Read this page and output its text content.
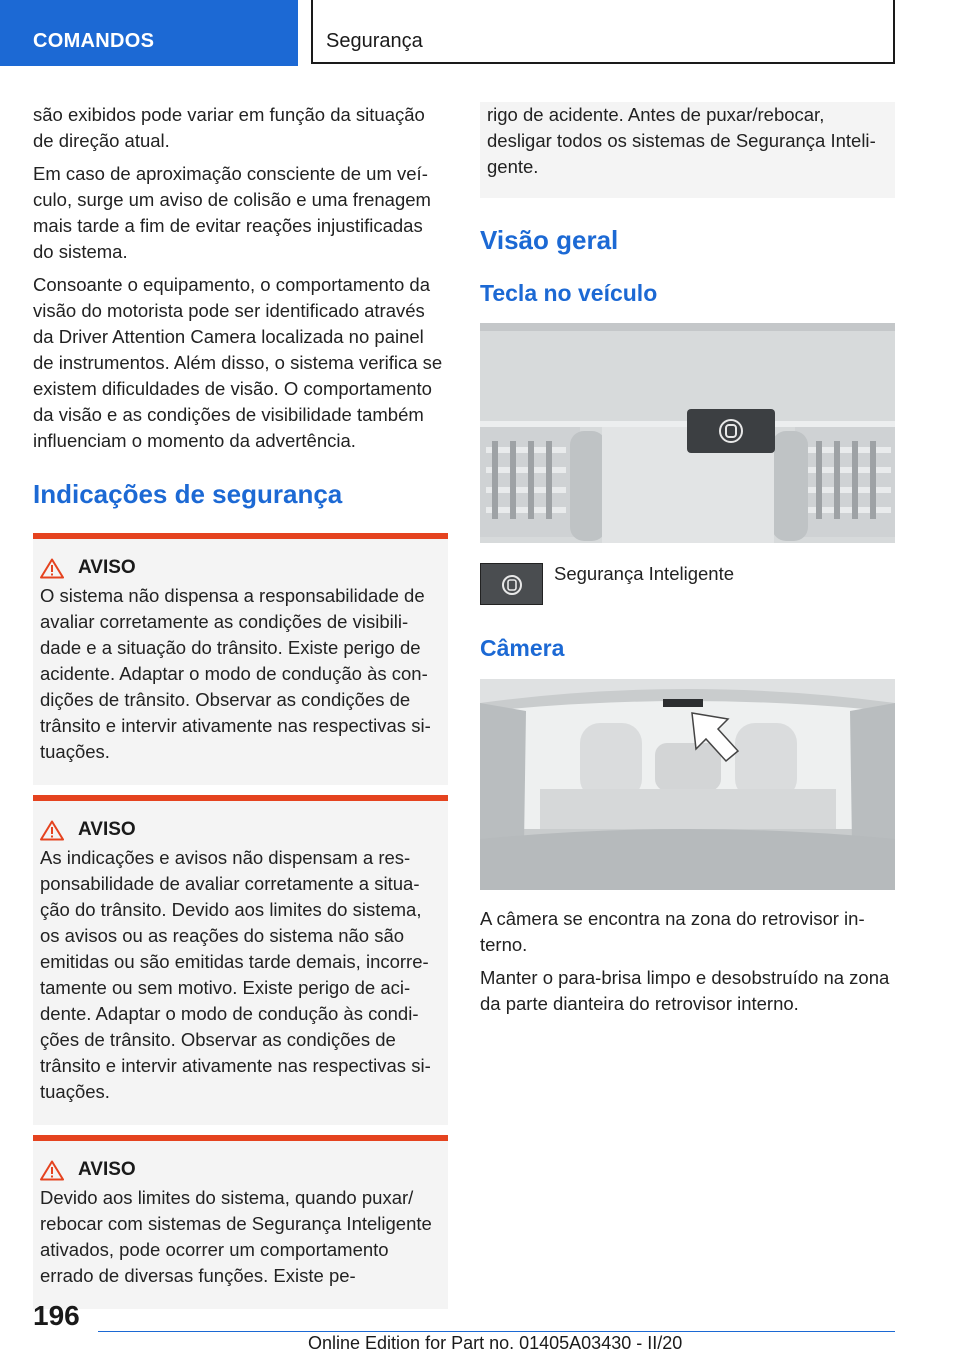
COMANDOS	Segurança

são exibidos pode variar em função da situação de direção atual.

Em caso de aproximação consciente de um veículo, surge um aviso de colisão e uma frenagem mais tarde a fim de evitar reações injustificadas do sistema.

Consoante o equipamento, o comportamento da visão do motorista pode ser identificado através da Driver Attention Camera localizada no painel de instrumentos. Além disso, o sistema verifica se existem dificuldades de visão. O comportamento da visão e as condições de visibilidade também influenciam o momento da advertência.

Indicações de segurança
AVISO

O sistema não dispensa a responsabilidade de avaliar corretamente as condições de visibilidade e a situação do trânsito. Existe perigo de acidente. Adaptar o modo de condução às condições de trânsito. Observar as condições de trânsito e intervir ativamente nas respectivas situações.

AVISO

As indicações e avisos não dispensam a responsabilidade de avaliar corretamente a situação do trânsito. Devido aos limites do sistema, os avisos ou as reações do sistema não são emitidas ou são emitidas tarde demais, incorretamente ou sem motivo. Existe perigo de acidente. Adaptar o modo de condução às condições de trânsito. Observar as condições de trânsito e intervir ativamente nas respectivas situações.

AVISO

Devido aos limites do sistema, quando puxar/ rebocar com sistemas de Segurança Inteligente ativados, pode ocorrer um comportamento errado de diversas funções. Existe pe-

rigo de acidente. Antes de puxar/rebocar, desligar todos os sistemas de Segurança Inteligente.

Visão geral
Tecla no veículo
Segurança Inteligente
Câmera

A câmera se encontra na zona do retrovisor interno.

Manter o para-brisa limpo e desobstruído na zona da parte dianteira do retrovisor interno.

196
Online Edition for Part no. 01405A03430 - II/20
